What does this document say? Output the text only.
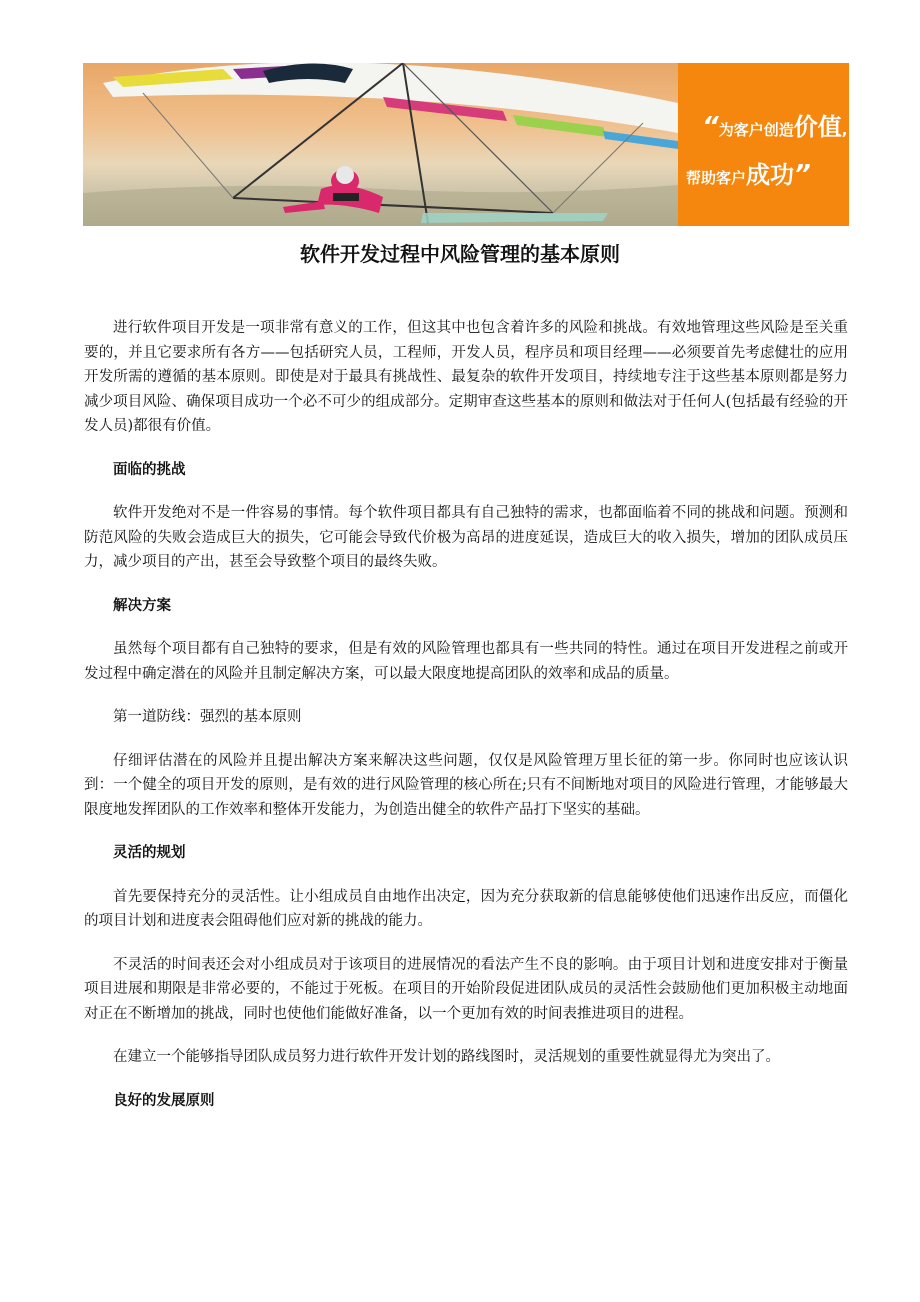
“为客户创造价值,
帮助客户成功”
软件开发过程中风险管理的基本原则

进行软件项目开发是一项非常有意义的工作，但这其中也包含着许多的风险和挑战。有效地管理这些风险是至关重要的，并且它要求所有各方——包括研究人员，工程师，开发人员，程序员和项目经理——必须要首先考虑健壮的应用开发所需的遵循的基本原则。即使是对于最具有挑战性、最复杂的软件开发项目，持续地专注于这些基本原则都是努力减少项目风险、确保项目成功一个必不可少的组成部分。定期审查这些基本的原则和做法对于任何人(包括最有经验的开发人员)都很有价值。

面临的挑战

软件开发绝对不是一件容易的事情。每个软件项目都具有自己独特的需求，也都面临着不同的挑战和问题。预测和防范风险的失败会造成巨大的损失，它可能会导致代价极为高昂的进度延误，造成巨大的收入损失，增加的团队成员压力，减少项目的产出，甚至会导致整个项目的最终失败。

解决方案

虽然每个项目都有自己独特的要求，但是有效的风险管理也都具有一些共同的特性。通过在项目开发进程之前或开发过程中确定潜在的风险并且制定解决方案，可以最大限度地提高团队的效率和成品的质量。

第一道防线：强烈的基本原则

仔细评估潜在的风险并且提出解决方案来解决这些问题，仅仅是风险管理万里长征的第一步。你同时也应该认识到：一个健全的项目开发的原则，是有效的进行风险管理的核心所在;只有不间断地对项目的风险进行管理，才能够最大限度地发挥团队的工作效率和整体开发能力，为创造出健全的软件产品打下坚实的基础。

灵活的规划

首先要保持充分的灵活性。让小组成员自由地作出决定，因为充分获取新的信息能够使他们迅速作出反应，而僵化的项目计划和进度表会阻碍他们应对新的挑战的能力。

不灵活的时间表还会对小组成员对于该项目的进展情况的看法产生不良的影响。由于项目计划和进度安排对于衡量项目进展和期限是非常必要的，不能过于死板。在项目的开始阶段促进团队成员的灵活性会鼓励他们更加积极主动地面对正在不断增加的挑战，同时也使他们能做好准备，以一个更加有效的时间表推进项目的进程。

在建立一个能够指导团队成员努力进行软件开发计划的路线图时，灵活规划的重要性就显得尤为突出了。

良好的发展原则
